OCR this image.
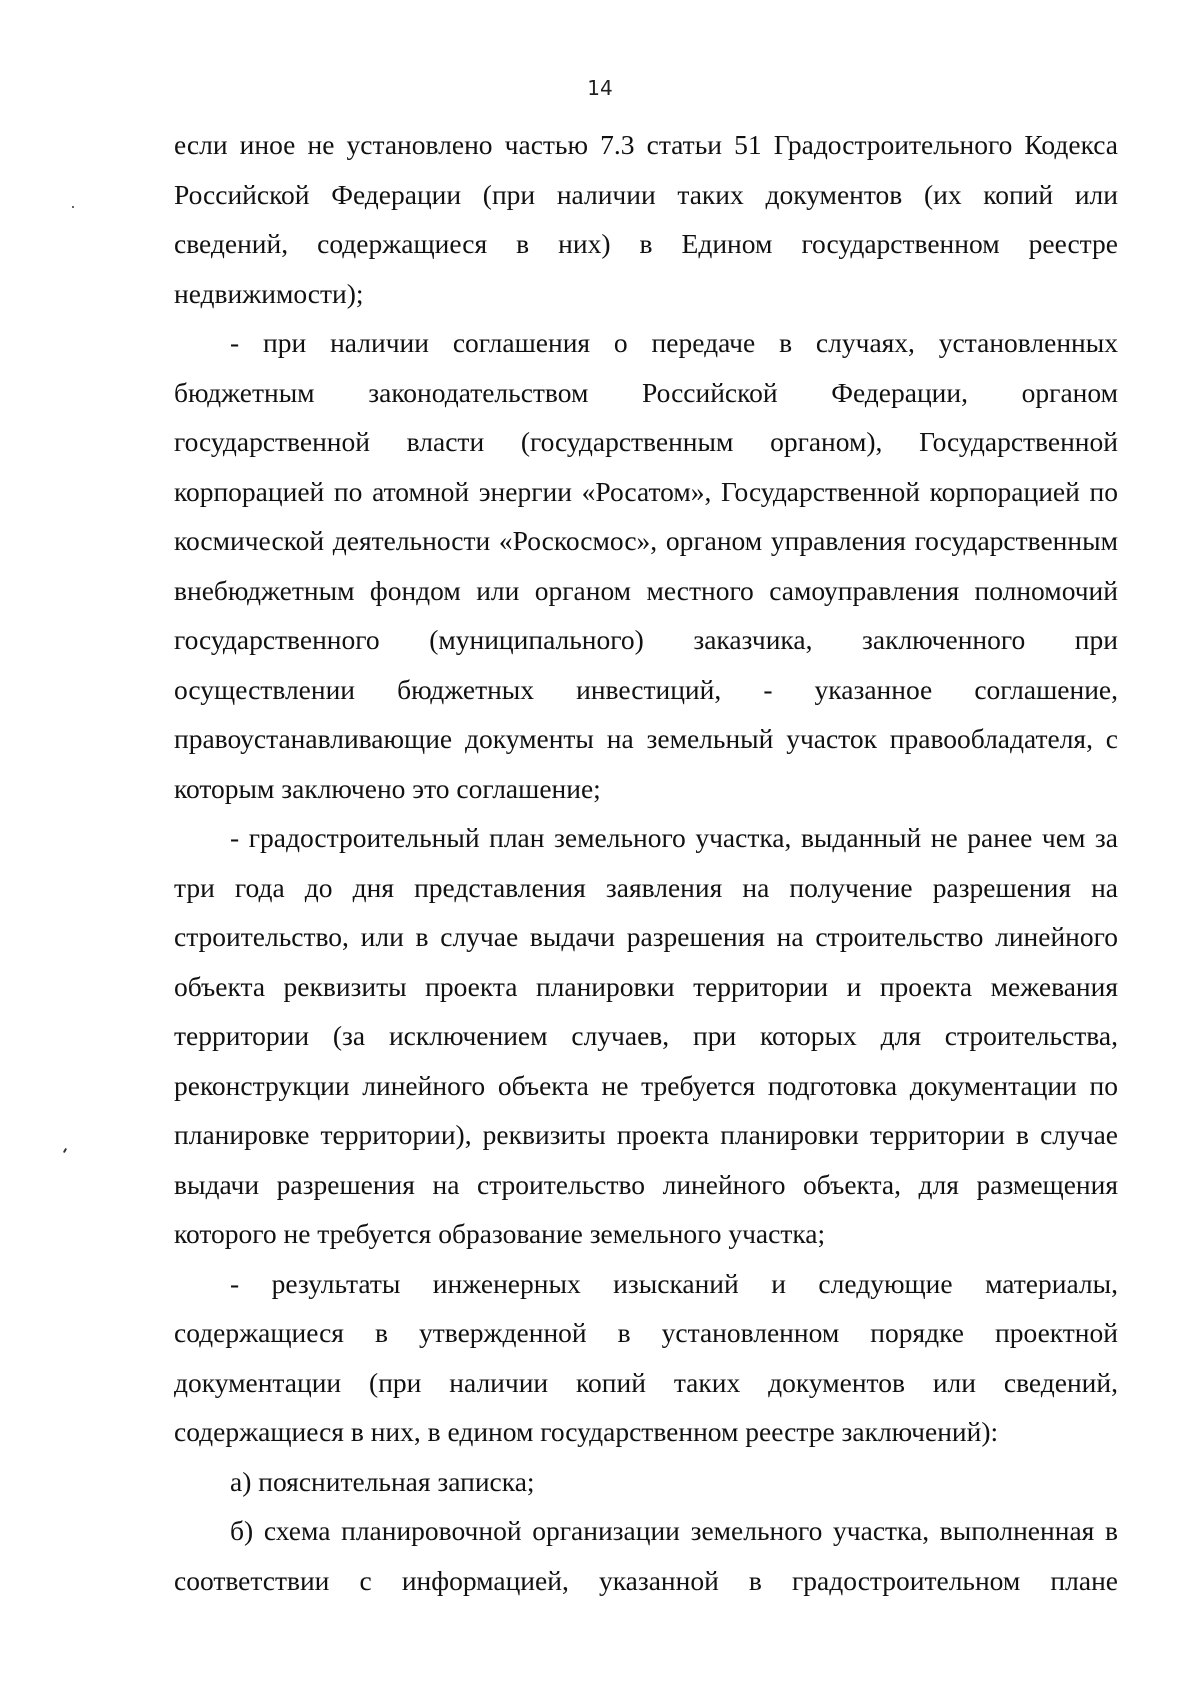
14

если иное не установлено частью 7.3 статьи 51 Градостроительного Кодекса Российской Федерации (при наличии таких документов (их копий или сведений, содержащиеся в них) в Едином государственном реестре недвижимости);

- при наличии соглашения о передаче в случаях, установленных бюджетным законодательством Российской Федерации, органом государственной власти (государственным органом), Государственной корпорацией по атомной энергии «Росатом», Государственной корпорацией по космической деятельности «Роскосмос», органом управления государственным внебюджетным фондом или органом местного самоуправления полномочий государственного (муниципального) заказчика, заключенного при осуществлении бюджетных инвестиций, - указанное соглашение, правоустанавливающие документы на земельный участок правообладателя, с которым заключено это соглашение;

- градостроительный план земельного участка, выданный не ранее чем за три года до дня представления заявления на получение разрешения на строительство, или в случае выдачи разрешения на строительство линейного объекта реквизиты проекта планировки территории и проекта межевания территории (за исключением случаев, при которых для строительства, реконструкции линейного объекта не требуется подготовка документации по планировке территории), реквизиты проекта планировки территории в случае выдачи разрешения на строительство линейного объекта, для размещения которого не требуется образование земельного участка;

- результаты инженерных изысканий и следующие материалы, содержащиеся в утвержденной в установленном порядке проектной документации (при наличии копий таких документов или сведений, содержащиеся в них, в едином государственном реестре заключений):

а) пояснительная записка;

б) схема планировочной организации земельного участка, выполненная в соответствии с информацией, указанной в градостроительном плане
